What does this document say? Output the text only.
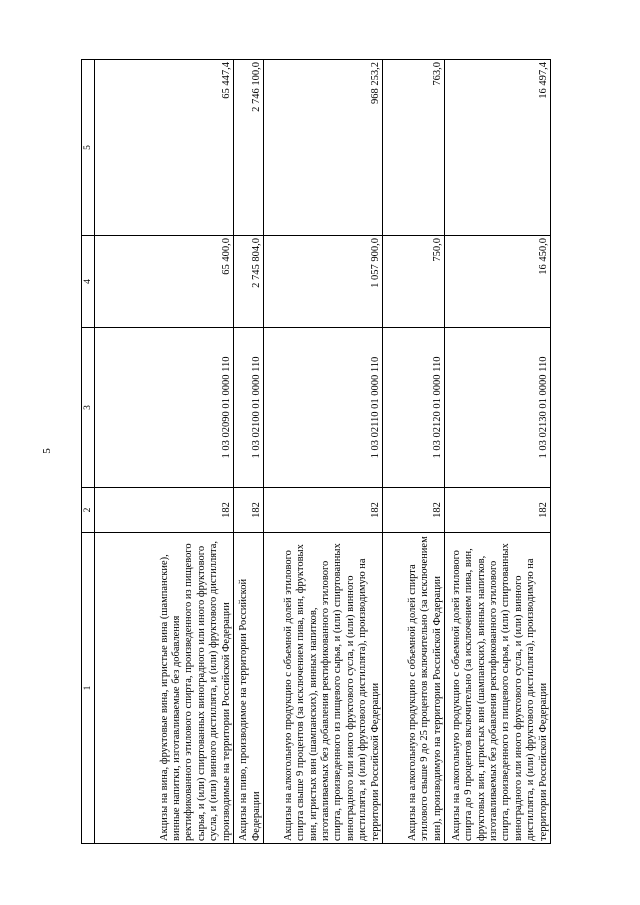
5
1	2	3	4	5
Акцизы на вина, фруктовые вина, игристые вина (шампанские), винные напитки, изготавливаемые без добавления ректификованного этилового спирта, произведенного из пищевого сырья, и (или) спиртованных виноградного или иного фруктового сусла, и (или) винного дистиллята, и (или) фруктового дистиллята, производимые на территории Российской Федерации	182	1 03 02090 01 0000 110	65 400,0	65 447,4
Акцизы на пиво, производимое на территории Российской Федерации	182	1 03 02100 01 0000 110	2 745 804,0	2 746 100,0
Акцизы на алкогольную продукцию с объемной долей этилового спирта свыше 9 процентов (за исключением пива, вин, фруктовых вин, игристых вин (шампанских), винных напитков, изготавливаемых без добавления ректификованного этилового спирта, произведенного из пищевого сырья, и (или) спиртованных виноградного или иного фруктового сусла, и (или) винного дистиллята, и (или) фруктового дистиллята), производимую на территории Российской Федерации	182	1 03 02110 01 0000 110	1 057 900,0	968 253,2
Акцизы на алкогольную продукцию с объемной долей спирта этилового свыше 9 до 25 процентов включительно (за исключением вин), производимую на территории Российской Федерации	182	1 03 02120 01 0000 110	750,0	763,0
Акцизы на алкогольную продукцию с объемной долей этилового спирта до 9 процентов включительно (за исключением пива, вин, фруктовых вин, игристых вин (шампанских), винных напитков, изготавливаемых без добавления ректификованного этилового спирта, произведенного из пищевого сырья, и (или) спиртованных виноградного или иного фруктового сусла, и (или) винного дистиллята, и (или) фруктового дистиллята), производимую на территории Российской Федерации	182	1 03 02130 01 0000 110	16 450,0	16 497,4
